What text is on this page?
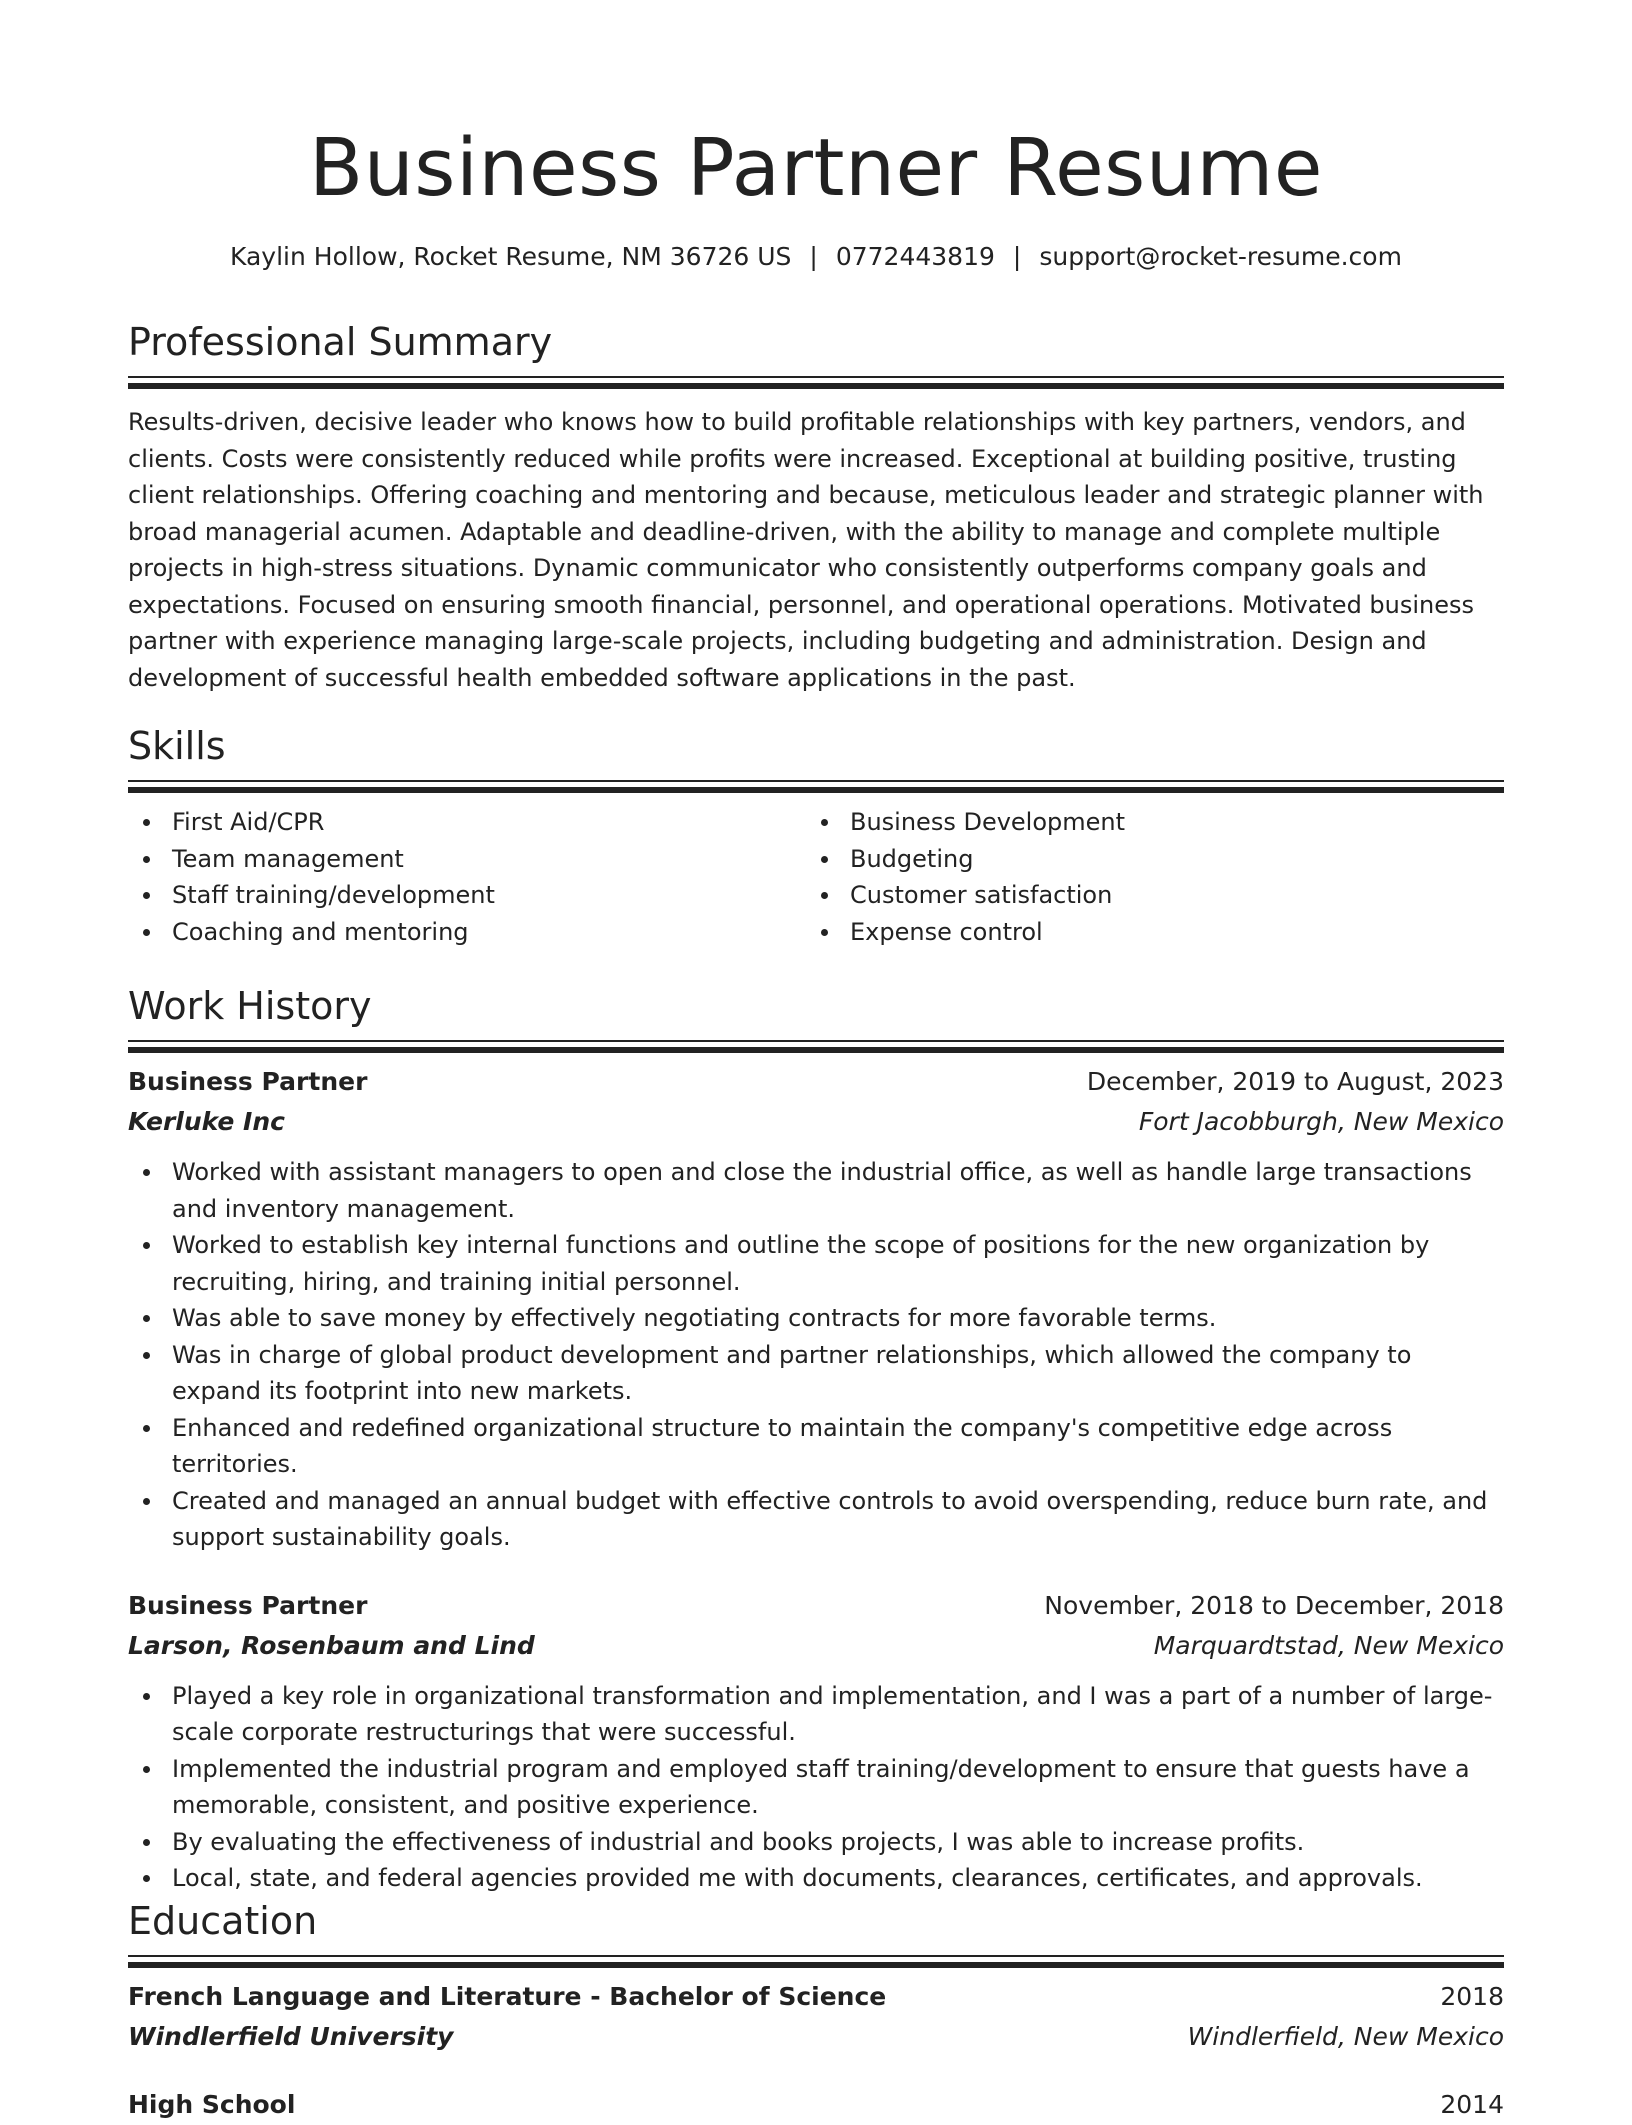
Business Partner Resume
Kaylin Hollow, Rocket Resume, NM 36726 US | 0772443819 | support@rocket-resume.com
Professional Summary
Results-driven, decisive leader who knows how to build profitable relationships with key partners, vendors, and clients. Costs were consistently reduced while profits were increased. Exceptional at building positive, trusting client relationships. Offering coaching and mentoring and because, meticulous leader and strategic planner with broad managerial acumen. Adaptable and deadline-driven, with the ability to manage and complete multiple projects in high-stress situations. Dynamic communicator who consistently outperforms company goals and expectations. Focused on ensuring smooth financial, personnel, and operational operations. Motivated business partner with experience managing large-scale projects, including budgeting and administration. Design and development of successful health embedded software applications in the past.
Skills
First Aid/CPR
Team management
Staff training/development
Coaching and mentoring
Business Development
Budgeting
Customer satisfaction
Expense control
Work History
Business Partner	December, 2019 to August, 2023
Kerluke Inc	Fort Jacobburgh, New Mexico
Worked with assistant managers to open and close the industrial office, as well as handle large transactions and inventory management.
Worked to establish key internal functions and outline the scope of positions for the new organization by recruiting, hiring, and training initial personnel.
Was able to save money by effectively negotiating contracts for more favorable terms.
Was in charge of global product development and partner relationships, which allowed the company to expand its footprint into new markets.
Enhanced and redefined organizational structure to maintain the company's competitive edge across territories.
Created and managed an annual budget with effective controls to avoid overspending, reduce burn rate, and support sustainability goals.
Business Partner	November, 2018 to December, 2018
Larson, Rosenbaum and Lind	Marquardtstad, New Mexico
Played a key role in organizational transformation and implementation, and I was a part of a number of large-scale corporate restructurings that were successful.
Implemented the industrial program and employed staff training/development to ensure that guests have a memorable, consistent, and positive experience.
By evaluating the effectiveness of industrial and books projects, I was able to increase profits.
Local, state, and federal agencies provided me with documents, clearances, certificates, and approvals.
Education
French Language and Literature - Bachelor of Science	2018
Windlerfield University	Windlerfield, New Mexico
High School	2014
